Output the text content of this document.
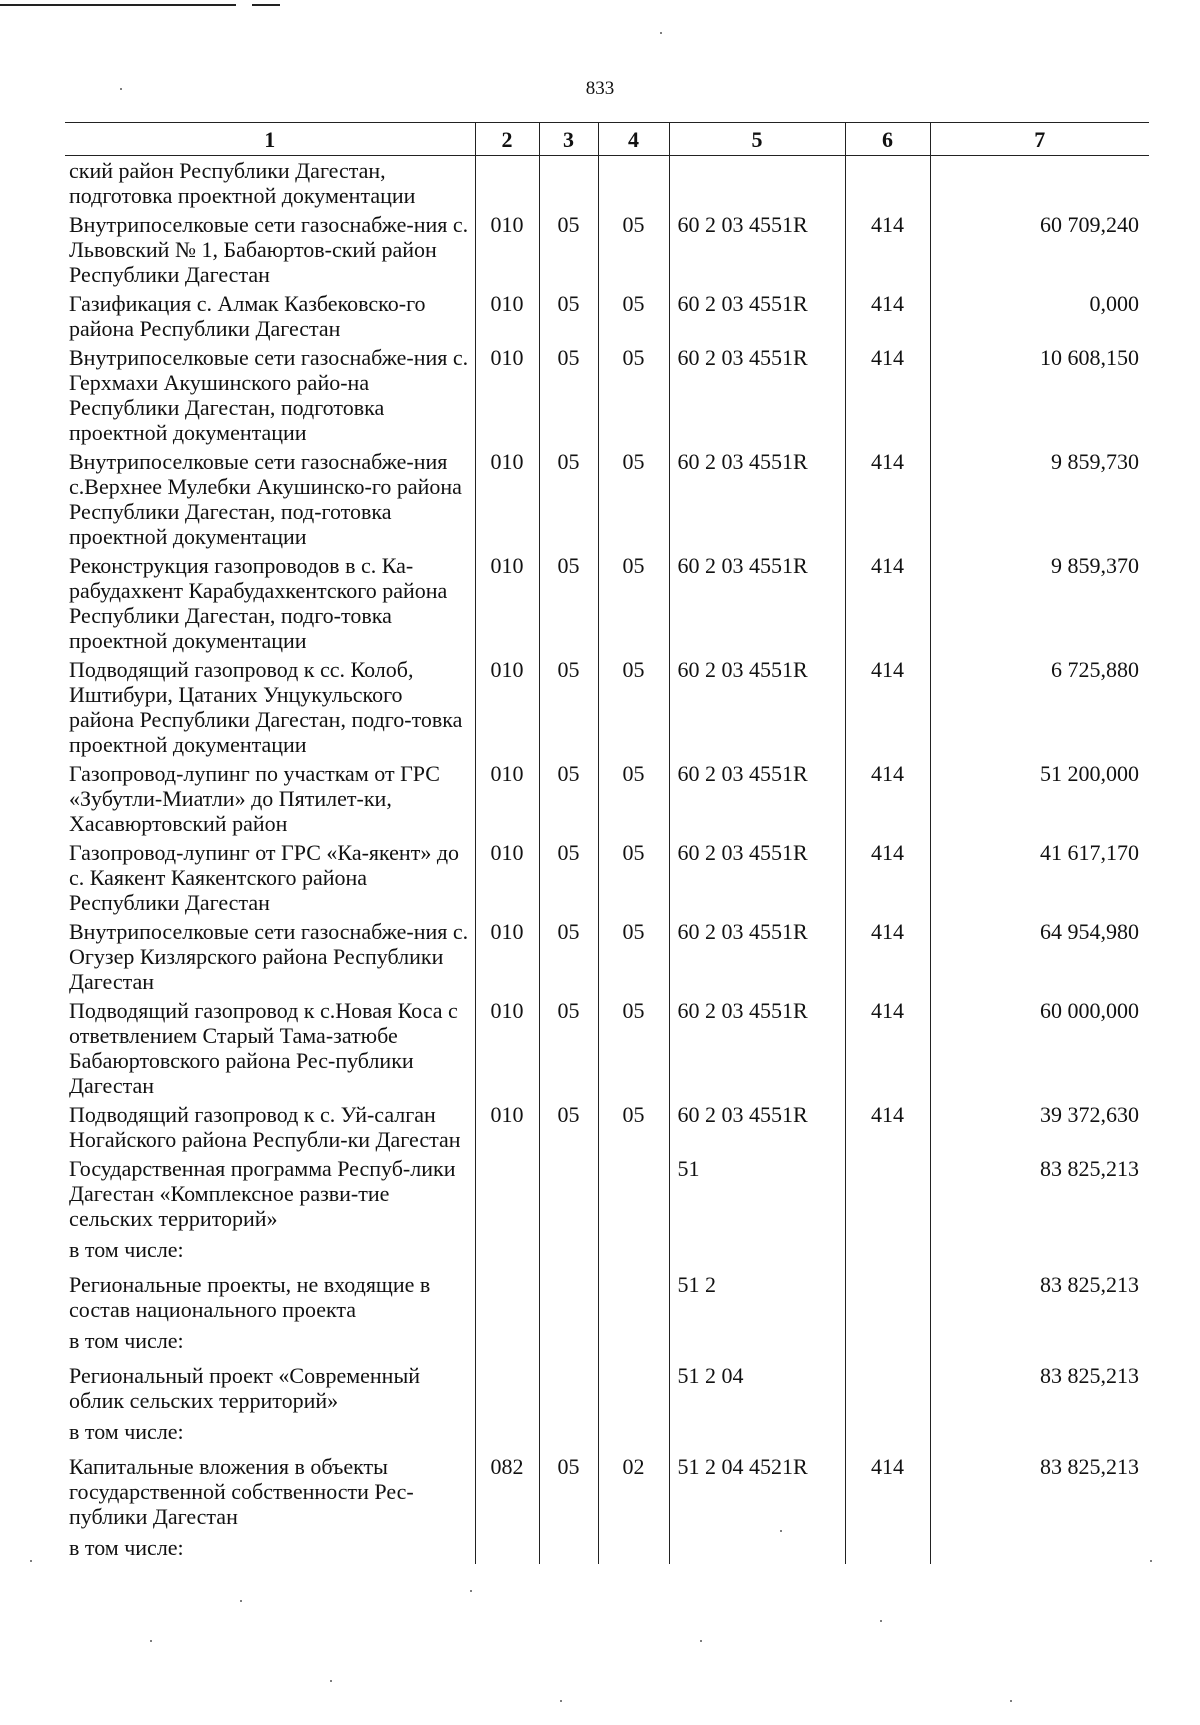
833
1	2	3	4	5	6	7
ский район Республики Дагестан, подготовка проектной документации						
Внутрипоселковые сети газоснабже-ния с. Львовский № 1, Бабаюртов-ский район Республики Дагестан	010	05	05	60 2 03 4551R	414	60 709,240
Газификация с. Алмак Казбековско-го района Республики Дагестан	010	05	05	60 2 03 4551R	414	0,000
Внутрипоселковые сети газоснабже-ния с. Герхмахи Акушинского райо-на Республики Дагестан, подготовка проектной документации	010	05	05	60 2 03 4551R	414	10 608,150
Внутрипоселковые сети газоснабже-ния с.Верхнее Мулебки Акушинско-го района Республики Дагестан, под-готовка проектной документации	010	05	05	60 2 03 4551R	414	9 859,730
Реконструкция газопроводов в с. Ка-рабудахкент Карабудахкентского района Республики Дагестан, подго-товка проектной документации	010	05	05	60 2 03 4551R	414	9 859,370
Подводящий газопровод к сс. Колоб, Иштибури, Цатаних Унцукульского района Республики Дагестан, подго-товка проектной документации	010	05	05	60 2 03 4551R	414	6 725,880
Газопровод-лупинг по участкам от ГРС «Зубутли-Миатли» до Пятилет-ки, Хасавюртовский район	010	05	05	60 2 03 4551R	414	51 200,000
Газопровод-лупинг от ГРС «Ка-якент» до с. Каякент Каякентского района Республики Дагестан	010	05	05	60 2 03 4551R	414	41 617,170
Внутрипоселковые сети газоснабже-ния с. Огузер Кизлярского района Республики Дагестан	010	05	05	60 2 03 4551R	414	64 954,980
Подводящий газопровод к с.Новая Коса с ответвлением Старый Тама-затюбе Бабаюртовского района Рес-публики Дагестан	010	05	05	60 2 03 4551R	414	60 000,000
Подводящий газопровод к с. Уй-салган Ногайского района Республи-ки Дагестан	010	05	05	60 2 03 4551R	414	39 372,630
Государственная программа Респуб-лики Дагестан «Комплексное разви-тие сельских территорий»				51		83 825,213
в том числе:						
Региональные проекты, не входящие в состав национального проекта				51 2		83 825,213
в том числе:						
Региональный проект «Современный облик сельских территорий»				51 2 04		83 825,213
в том числе:						
Капитальные вложения в объекты государственной собственности Рес-публики Дагестан	082	05	02	51 2 04 4521R	414	83 825,213
в том числе:						
